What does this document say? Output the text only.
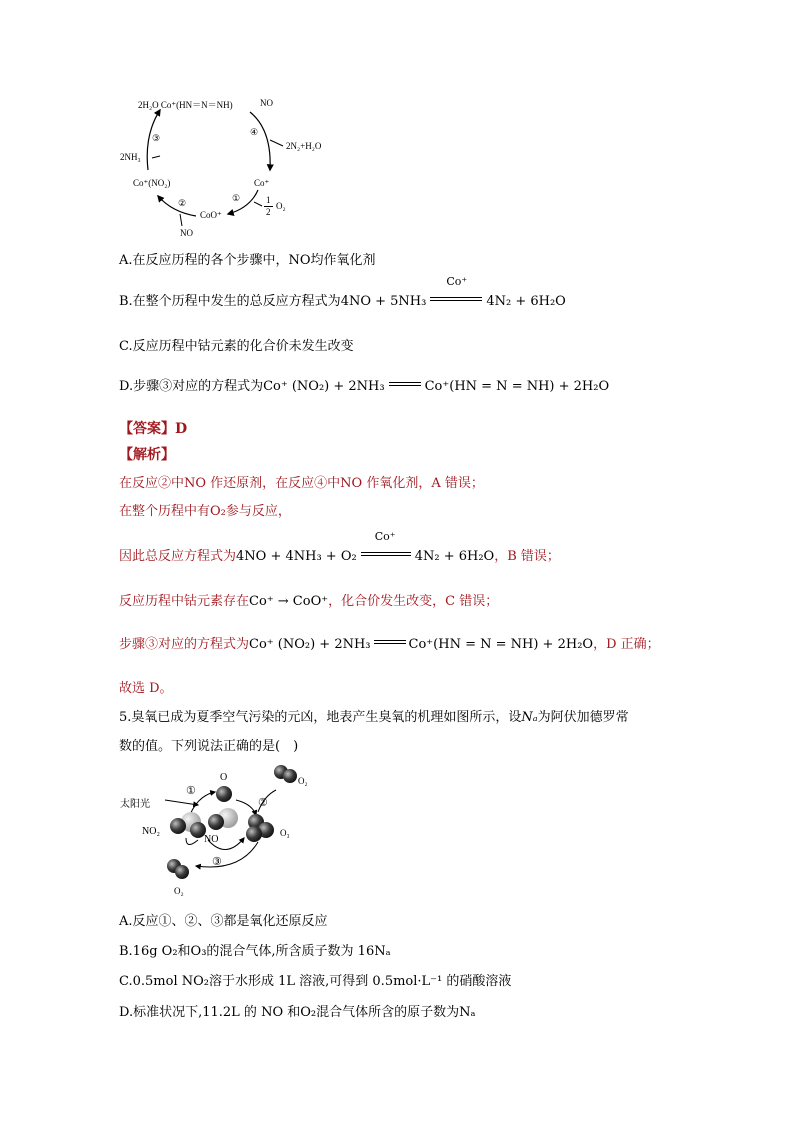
2H₂O Co⁺(HN＝N＝NH)	NO
④
2N₂+H₂O
③
2NH₃
Co⁺(NO₂)	Co⁺
①
②
CoO⁺
1
2
O₂
NO
A.在反应历程的各个步骤中，NO均作氧化剂
B.在整个历程中发生的总反应方程式为4NO + 5NH₃
Co⁺
4N₂ + 6H₂O
C.反应历程中钴元素的化合价未发生改变
D.步骤③对应的方程式为Co⁺ (NO₂) + 2NH₃	Co⁺(HN = N = NH) + 2H₂O
【答案】D
【解析】
在反应②中NO 作还原剂，在反应④中NO 作氧化剂，A 错误；
在整个历程中有O₂参与反应，
因此总反应方程式为4NO + 4NH₃ + O₂
Co⁺
4N₂ + 6H₂O，B 错误；
反应历程中钴元素存在Co⁺ → CoO⁺，化合价发生改变，C 错误；
步骤③对应的方程式为Co⁺ (NO₂) + 2NH₃	Co⁺(HN = N = NH) + 2H₂O，D 正确；
故选 D。
5.臭氧已成为夏季空气污染的元凶，地表产生臭氧的机理如图所示，设Nₐ为阿伏加德罗常
数的值。下列说法正确的是(　)
太阳光
O	O₂
①
②
NO₂
NO
O₃
③
O₂
A.反应①、②、③都是氧化还原反应
B.16g O₂和O₃的混合气体,所含质子数为 16Nₐ
C.0.5mol NO₂溶于水形成 1L 溶液,可得到 0.5mol·L⁻¹ 的硝酸溶液
D.标准状况下,11.2L 的 NO 和O₂混合气体所含的原子数为Nₐ
